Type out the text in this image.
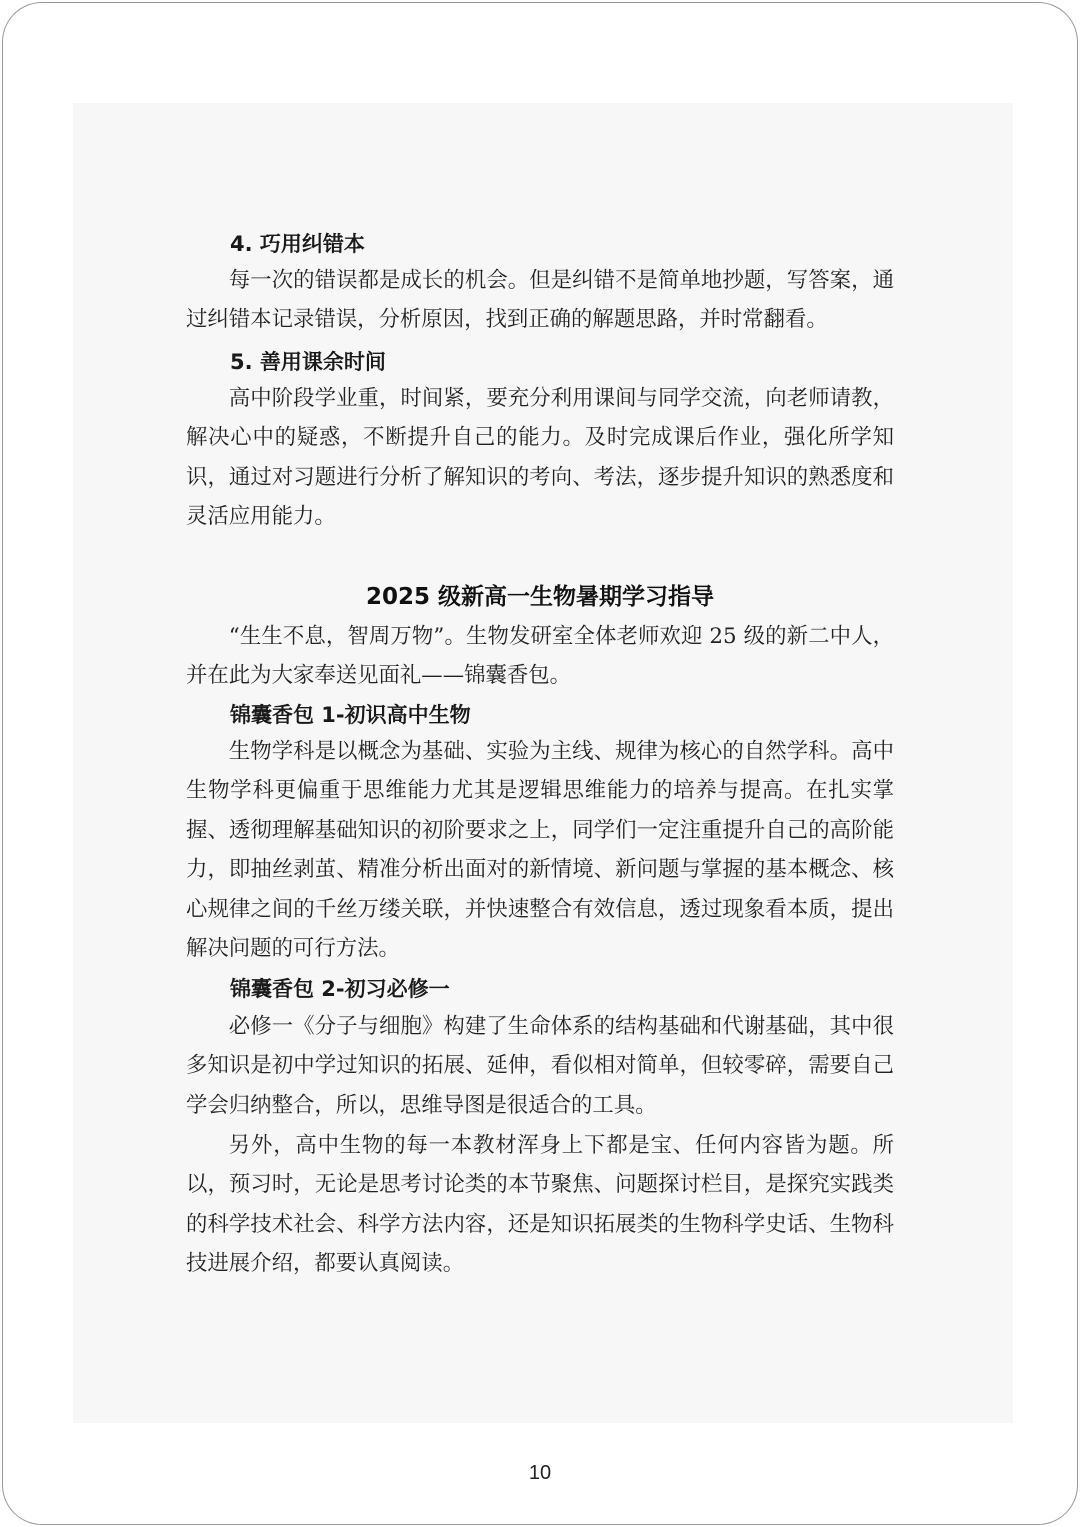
4. 巧用纠错本

每一次的错误都是成长的机会。但是纠错不是简单地抄题，写答案，通过纠错本记录错误，分析原因，找到正确的解题思路，并时常翻看。

5. 善用课余时间

高中阶段学业重，时间紧，要充分利用课间与同学交流，向老师请教，解决心中的疑惑，不断提升自己的能力。及时完成课后作业，强化所学知识，通过对习题进行分析了解知识的考向、考法，逐步提升知识的熟悉度和灵活应用能力。

2025 级新高一生物暑期学习指导

“生生不息，智周万物”。生物发研室全体老师欢迎 25 级的新二中人，并在此为大家奉送见面礼——锦囊香包。

锦囊香包 1-初识高中生物

生物学科是以概念为基础、实验为主线、规律为核心的自然学科。高中生物学科更偏重于思维能力尤其是逻辑思维能力的培养与提高。在扎实掌握、透彻理解基础知识的初阶要求之上，同学们一定注重提升自己的高阶能力，即抽丝剥茧、精准分析出面对的新情境、新问题与掌握的基本概念、核心规律之间的千丝万缕关联，并快速整合有效信息，透过现象看本质，提出解决问题的可行方法。

锦囊香包 2-初习必修一

必修一《分子与细胞》构建了生命体系的结构基础和代谢基础，其中很多知识是初中学过知识的拓展、延伸，看似相对简单，但较零碎，需要自己学会归纳整合，所以，思维导图是很适合的工具。

另外，高中生物的每一本教材浑身上下都是宝、任何内容皆为题。所以，预习时，无论是思考讨论类的本节聚焦、问题探讨栏目，是探究实践类的科学技术社会、科学方法内容，还是知识拓展类的生物科学史话、生物科技进展介绍，都要认真阅读。

10
